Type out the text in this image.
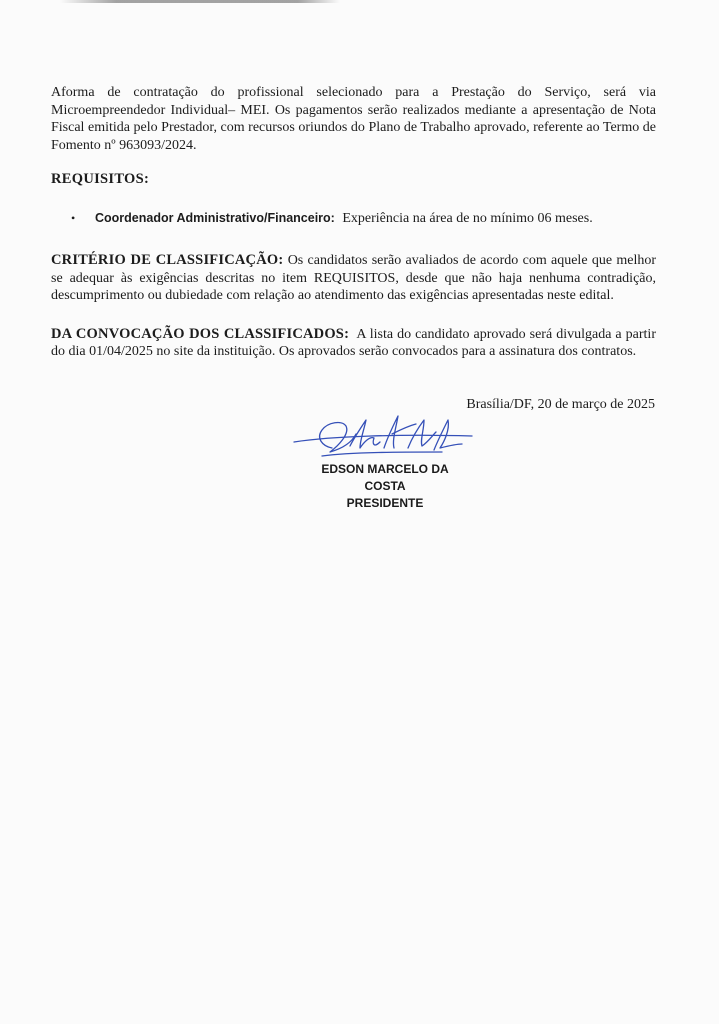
Aforma de contratação do profissional selecionado para a Prestação do Serviço, será via Microempreendedor Individual– MEI. Os pagamentos serão realizados mediante a apresentação de Nota Fiscal emitida pelo Prestador, com recursos oriundos do Plano de Trabalho aprovado, referente ao Termo de Fomento nº 963093/2024.

REQUISITOS:
•	Coordenador Administrativo/Financeiro: Experiência na área de no mínimo 06 meses.

CRITÉRIO DE CLASSIFICAÇÃO: Os candidatos serão avaliados de acordo com aquele que melhor se adequar às exigências descritas no item REQUISITOS, desde que não haja nenhuma contradição, descumprimento ou dubiedade com relação ao atendimento das exigências apresentadas neste edital.

DA CONVOCAÇÃO DOS CLASSIFICADOS: A lista do candidato aprovado será divulgada a partir do dia 01/04/2025 no site da instituição. Os aprovados serão convocados para a assinatura dos contratos.

Brasília/DF, 20 de março de 2025
EDSON MARCELO DA COSTA
PRESIDENTE
